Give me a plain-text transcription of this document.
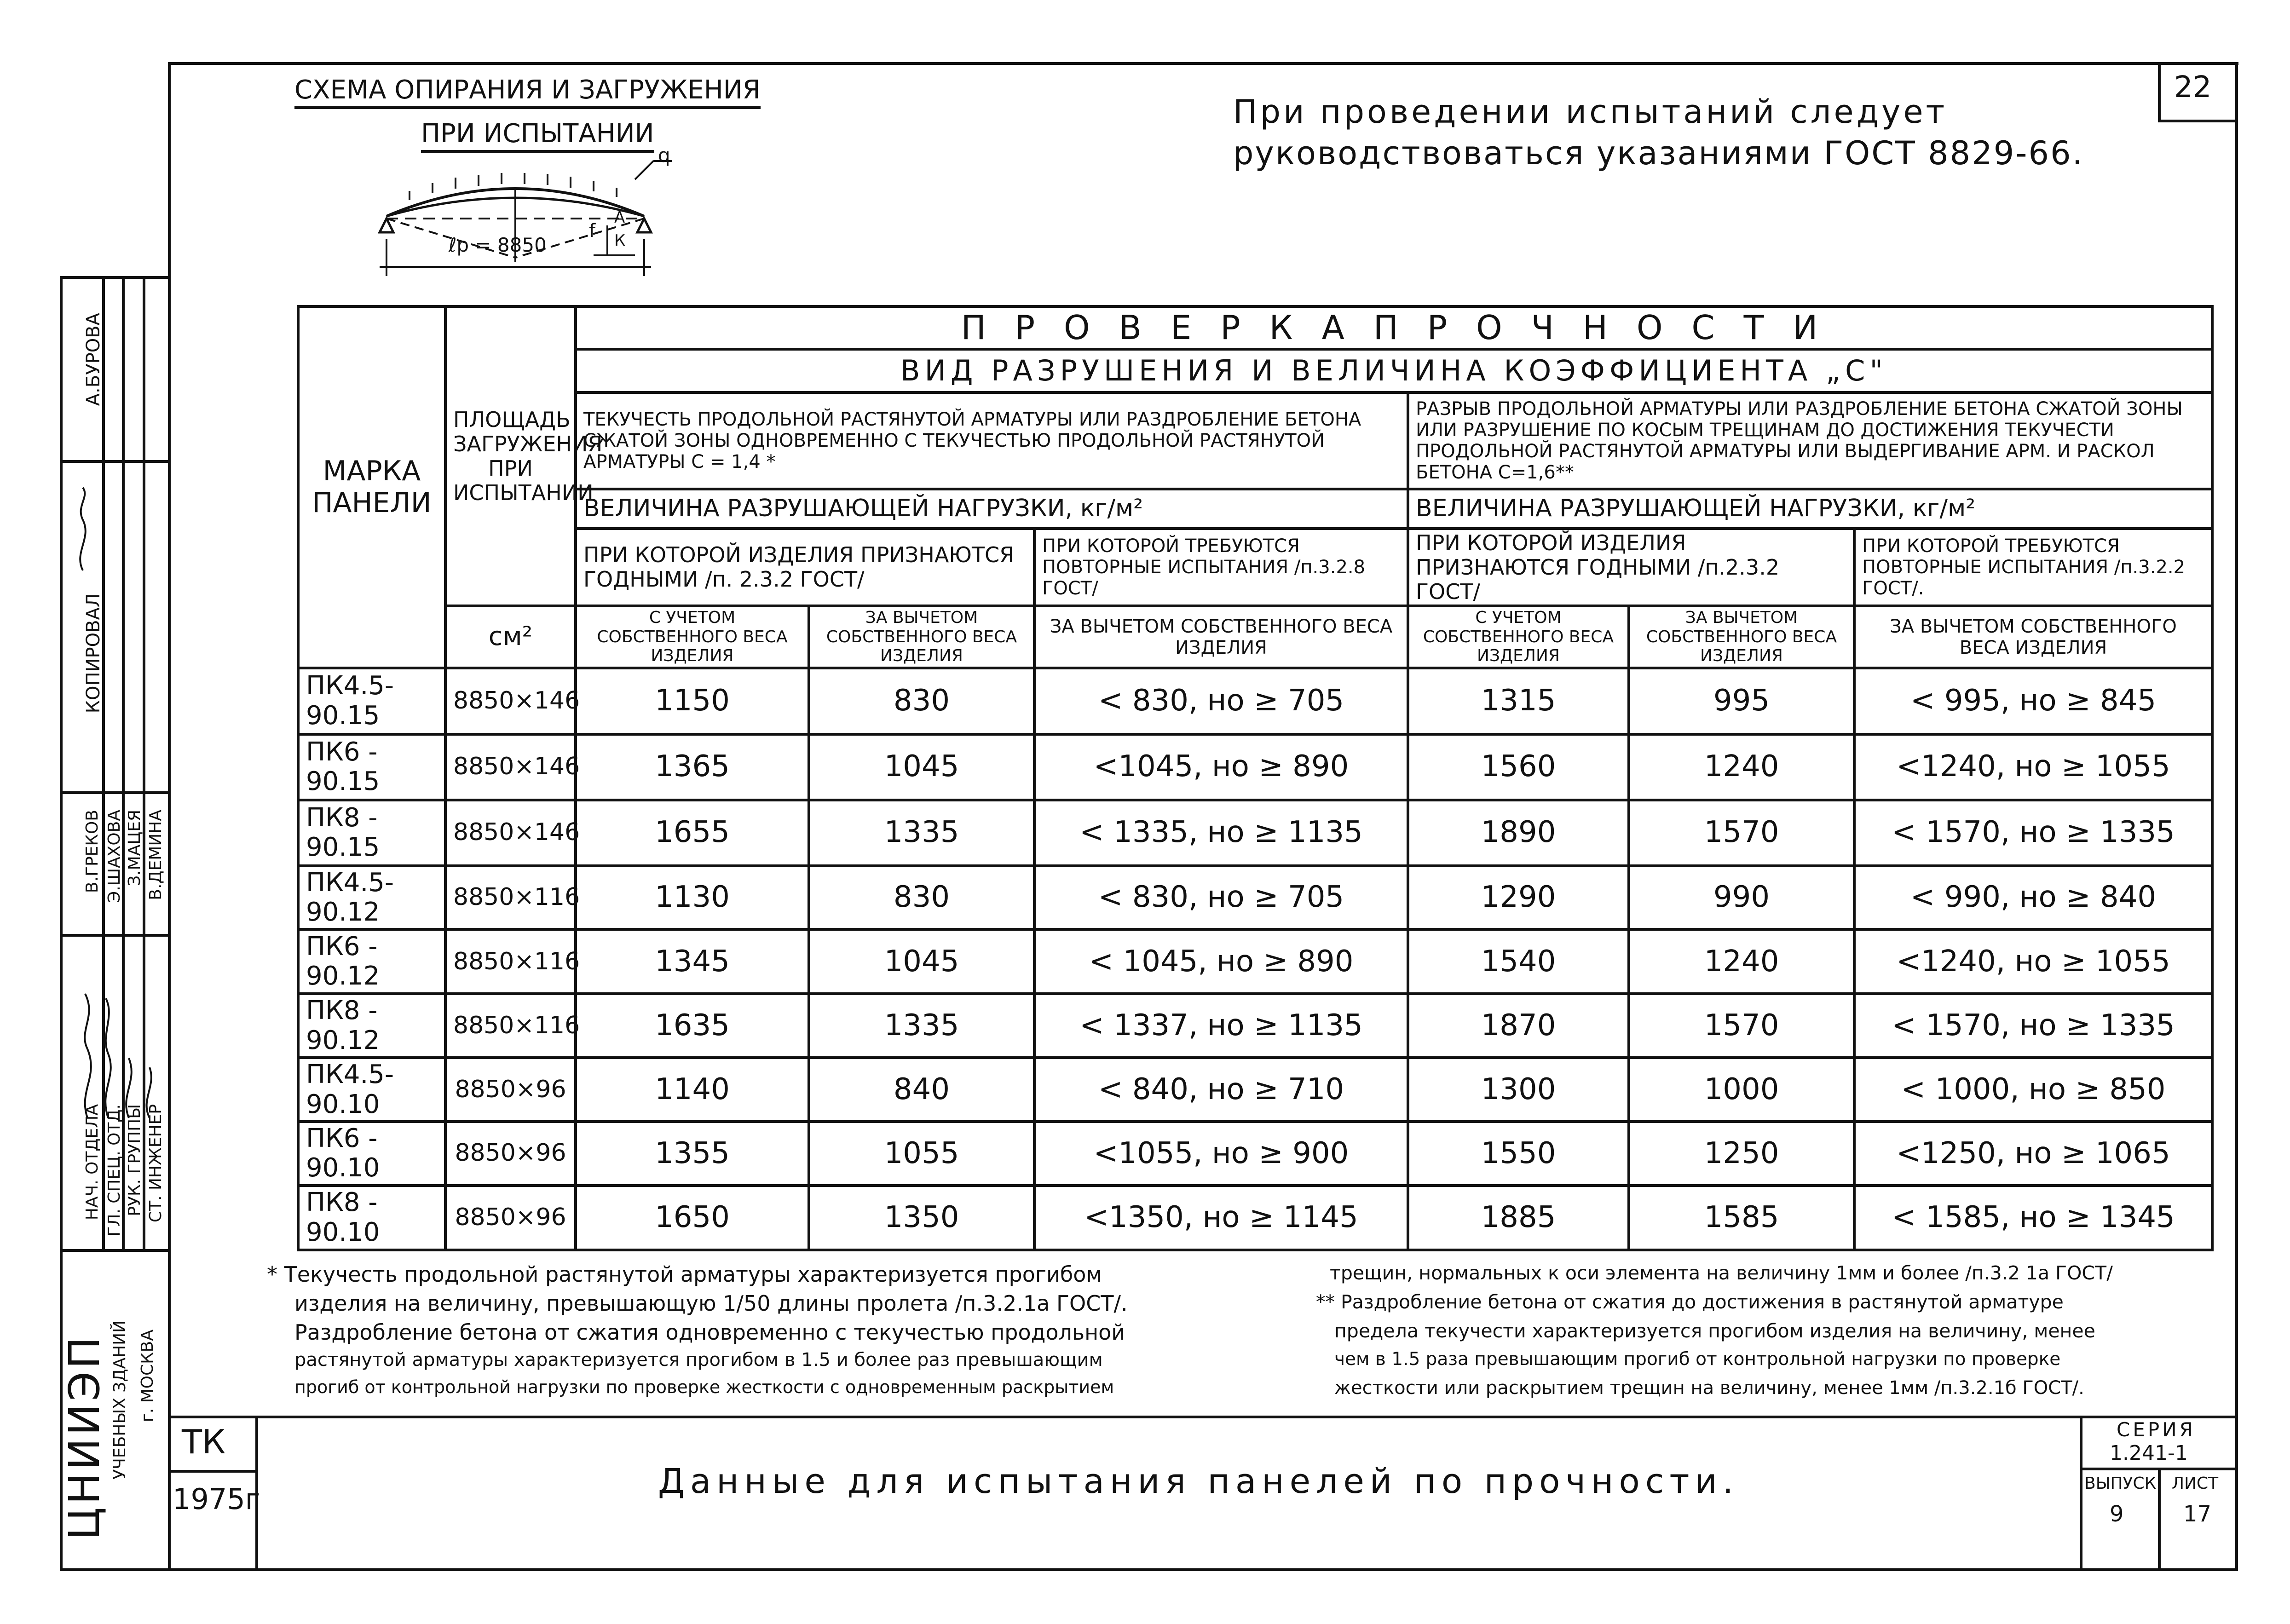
22
СХЕМА ОПИРАНИЯ И ЗАГРУЖЕНИЯ
ПРИ ИСПЫТАНИИ
ℓр = 8850
q
f
А
К
При проведении испытаний следует
руководствоваться указаниями ГОСТ 8829-66.
МАРКА ПАНЕЛИ	ПЛОЩАДЬ ЗАГРУЖЕНИЯ ПРИ ИСПЫТАНИИ	П Р О В Е Р К А П Р О Ч Н О С Т И					
		ВИД РАЗРУШЕНИЯ И ВЕЛИЧИНА КОЭФФИЦИЕНТА „С"					
		ТЕКУЧЕСТЬ ПРОДОЛЬНОЙ РАСТЯНУТОЙ АРМАТУРЫ ИЛИ РАЗДРОБЛЕНИЕ БЕТОНА СЖАТОЙ ЗОНЫ ОДНОВРЕМЕННО С ТЕКУЧЕСТЬЮ ПРОДОЛЬНОЙ РАСТЯНУТОЙ АРМАТУРЫ С = 1,4 *			РАЗРЫВ ПРОДОЛЬНОЙ АРМАТУРЫ ИЛИ РАЗДРОБЛЕНИЕ БЕТОНА СЖАТОЙ ЗОНЫ ИЛИ РАЗРУШЕНИЕ ПО КОСЫМ ТРЕЩИНАМ ДО ДОСТИЖЕНИЯ ТЕКУЧЕСТИ ПРОДОЛЬНОЙ РАСТЯНУТОЙ АРМАТУРЫ ИЛИ ВЫДЕРГИВАНИЕ АРМ. И РАСКОЛ БЕТОНА С=1,6**		
		ВЕЛИЧИНА РАЗРУШАЮЩЕЙ НАГРУЗКИ, кг/м²			ВЕЛИЧИНА РАЗРУШАЮЩЕЙ НАГРУЗКИ, кг/м²		
		ПРИ КОТОРОЙ ИЗДЕЛИЯ ПРИЗНАЮТСЯ ГОДНЫМИ /п. 2.3.2 ГОСТ/		ПРИ КОТОРОЙ ТРЕБУЮТСЯ ПОВТОРНЫЕ ИСПЫТАНИЯ /п.3.2.8 ГОСТ/	ПРИ КОТОРОЙ ИЗДЕЛИЯ ПРИЗНАЮТСЯ ГОДНЫМИ /п.2.3.2 ГОСТ/		ПРИ КОТОРОЙ ТРЕБУЮТСЯ ПОВТОРНЫЕ ИСПЫТАНИЯ /п.3.2.2 ГОСТ/.
	см²	С УЧЕТОМ СОБСТВЕННОГО ВЕСА ИЗДЕЛИЯ	ЗА ВЫЧЕТОМ СОБСТВЕННОГО ВЕСА ИЗДЕЛИЯ	ЗА ВЫЧЕТОМ СОБСТВЕННОГО ВЕСА ИЗДЕЛИЯ	С УЧЕТОМ СОБСТВЕННОГО ВЕСА ИЗДЕЛИЯ	ЗА ВЫЧЕТОМ СОБСТВЕННОГО ВЕСА ИЗДЕЛИЯ	ЗА ВЫЧЕТОМ СОБСТВЕННОГО ВЕСА ИЗДЕЛИЯ
ПК4.5-90.15	8850×146	1150	830	< 830, но ≥ 705	1315	995	< 995, но ≥ 845
ПК6 - 90.15	8850×146	1365	1045	<1045, но ≥ 890	1560	1240	<1240, но ≥ 1055
ПК8 - 90.15	8850×146	1655	1335	< 1335, но ≥ 1135	1890	1570	< 1570, но ≥ 1335
ПК4.5-90.12	8850×116	1130	830	< 830, но ≥ 705	1290	990	< 990, но ≥ 840
ПК6 - 90.12	8850×116	1345	1045	< 1045, но ≥ 890	1540	1240	<1240, но ≥ 1055
ПК8 - 90.12	8850×116	1635	1335	< 1337, но ≥ 1135	1870	1570	< 1570, но ≥ 1335
ПК4.5-90.10	8850×96	1140	840	< 840, но ≥ 710	1300	1000	< 1000, но ≥ 850
ПК6 - 90.10	8850×96	1355	1055	<1055, но ≥ 900	1550	1250	<1250, но ≥ 1065
ПК8 - 90.10	8850×96	1650	1350	<1350, но ≥ 1145	1885	1585	< 1585, но ≥ 1345
* Текучесть продольной растянутой арматуры характеризуется прогибом
изделия на величину, превышающую 1/50 длины пролета /п.3.2.1а ГОСТ/.
Раздробление бетона от сжатия одновременно с текучестью продольной
растянутой арматуры характеризуется прогибом в 1.5 и более раз превышающим
прогиб от контрольной нагрузки по проверке жесткости с одновременным раскрытием
трещин, нормальных к оси элемента на величину 1мм и более /п.3.2 1а ГОСТ/
** Раздробление бетона от сжатия до достижения в растянутой арматуре
предела текучести характеризуется прогибом изделия на величину, менее
чем в 1.5 раза превышающим прогиб от контрольной нагрузки по проверке
жесткости или раскрытием трещин на величину, менее 1мм /п.3.2.1б ГОСТ/.
ТК
1975г	Данные для испытания панелей по прочности.
СЕРИЯ
1.241-1
ВЫПУСК
9
ЛИСТ
17
А.БУРОВА
КОПИРОВАЛ
В.ГРЕКОВ Э.ШАХОВА З.МАЦЕЯ В.ДЕМИНА
НАЧ. ОТДЕЛА ГЛ. СПЕЦ. ОТД. РУК. ГРУППЫ СТ. ИНЖЕНЕР
ЦНИИЭП УЧЕБНЫХ ЗДАНИЙ г. МОСКВА
